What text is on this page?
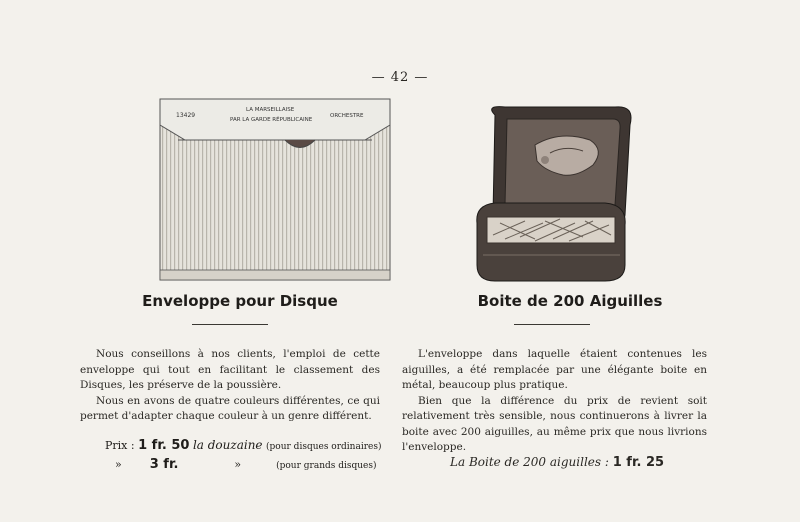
— 42 —
13429
LA MARSEILLAISE
PAR LA GARDE RÉPUBLICAINE
ORCHESTRE
Enveloppe pour Disque

Nous conseillons à nos clients, l'emploi de cette enveloppe qui tout en facilitant le classement des Disques, les préserve de la poussière.

Nous en avons de quatre couleurs différentes, ce qui permet d'adapter chaque couleur à un genre différent.

Prix : 1 fr. 50 la douzaine (pour disques ordinaires)
» 3 fr.	»	(pour grands disques)
Boite de 200 Aiguilles

L'enveloppe dans laquelle étaient contenues les aiguilles, a été remplacée par une élégante boite en métal, beaucoup plus pratique.

Bien que la différence du prix de revient soit relativement très sensible, nous continuerons à livrer la boite avec 200 aiguilles, au même prix que nous livrions l'enveloppe.

La Boite de 200 aiguilles : 1 fr. 25
